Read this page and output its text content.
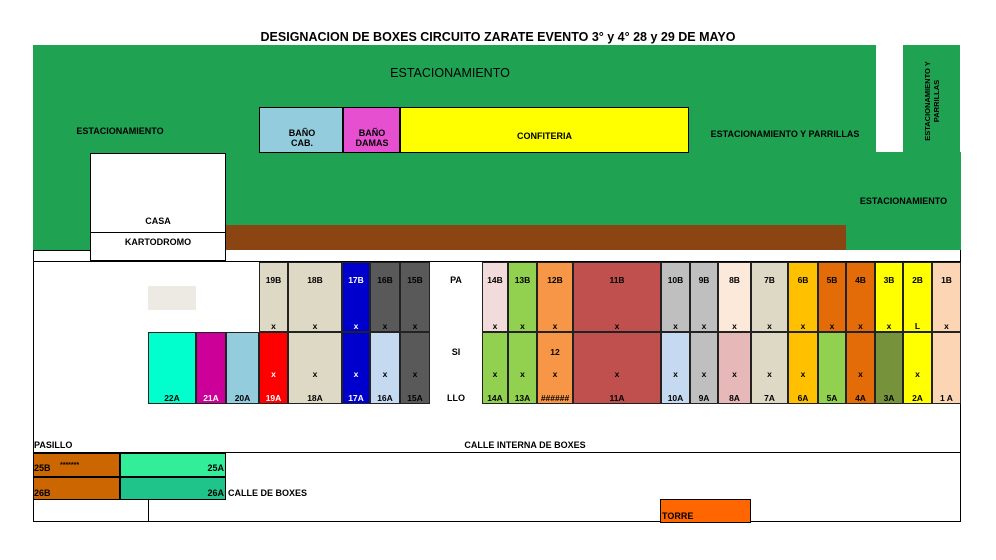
DESIGNACION DE BOXES CIRCUITO ZARATE EVENTO 3° y 4° 28 y 29 DE MAYO
ESTACIONAMIENTO
ESTACIONAMIENTO	ESTACIONAMIENTO Y PARRILLAS	ESTACIONAMIENTO Y PARRILLAS
ESTACIONAMIENTO
BAÑO CAB.
BAÑO DAMAS
CONFITERIA
CASA
KARTODROMO
PA
SI
LLO
19B
x
18B
x
17B
x
16B
x
15B
x
22A	21A	20A	19A
x
18A
x
17A
x
16A
x
15A
x
14B
x
13B
x
12B
x
11B
x
10B
x
9B
x
8B
x
7B
x
6B
x
5B
x
4B
x
3B
x
2B
L
1B
x
14A
x
13A
x
######
x
12
11A
x
10A
x
9A
x
8A
x
7A
x
6A
x
5A	4A
x
3A	2A
x
1 A
PASILLO	CALLE INTERNA DE BOXES
25B	*******	25A
26B	26A CALLE DE BOXES
TORRE
